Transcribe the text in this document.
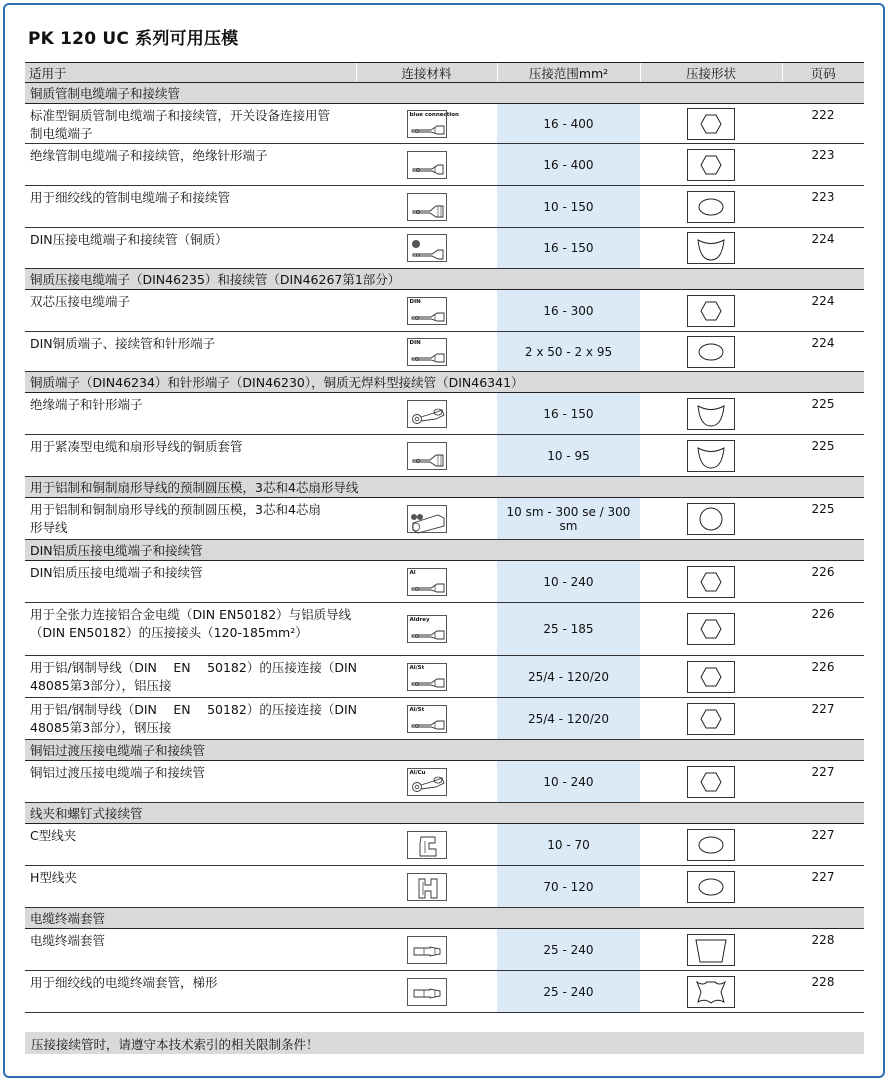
PK 120 UC 系列可用压模
适用于	连接材料	压接范围mm²	压接形状	页码
铜质管制电缆端子和接续管				

标准型铜质管制电缆端子和接续管，开关设备连接用管
制电缆端子	blue connection	16 - 400		222

绝缘管制电缆端子和接续管，绝缘针形端子		16 - 400		223

用于细绞线的管制电缆端子和接续管		10 - 150		223

DIN压接电缆端子和接续管（铜质）		16 - 150		224
铜质压接电缆端子（DIN46235）和接续管（DIN46267第1部分）				

双芯压接电缆端子	DIN	16 - 300		224

DIN铜质端子、接续管和针形端子	DIN	2 x 50 - 2 x 95		224
铜质端子（DIN46234）和针形端子（DIN46230），铜质无焊料型接续管（DIN46341）				

绝缘端子和针形端子		16 - 150		225

用于紧凑型电缆和扇形导线的铜质套管		10 - 95		225
用于铝制和铜制扇形导线的预制圆压模，3芯和4芯扇形导线				

用于铝制和铜制扇形导线的预制圆压模，3芯和4芯扇
形导线		10 sm - 300 se / 300 sm		225
DIN铝质压接电缆端子和接续管				

DIN铝质压接电缆端子和接续管	Al	10 - 240		226

用于全张力连接铝合金电缆（DIN EN50182）与铝质导线
（DIN EN50182）的压接接头（120-185mm²）	Aldrey	25 - 185		226

用于铝/钢制导线（DIN　 EN　 50182）的压接连接（DIN
48085第3部分），铝压接	Al/St	25/4 - 120/20		226

用于铝/钢制导线（DIN　 EN　 50182）的压接连接（DIN
48085第3部分），钢压接	Al/St	25/4 - 120/20		227
铜铝过渡压接电缆端子和接续管				

铜铝过渡压接电缆端子和接续管	Al/Cu	10 - 240		227
线夹和螺钉式接续管				

C型线夹		10 - 70		227

H型线夹		70 - 120		227
电缆终端套管				

电缆终端套管		25 - 240		228

用于细绞线的电缆终端套管，梯形		25 - 240		228
压接接续管时，请遵守本技术索引的相关限制条件！
